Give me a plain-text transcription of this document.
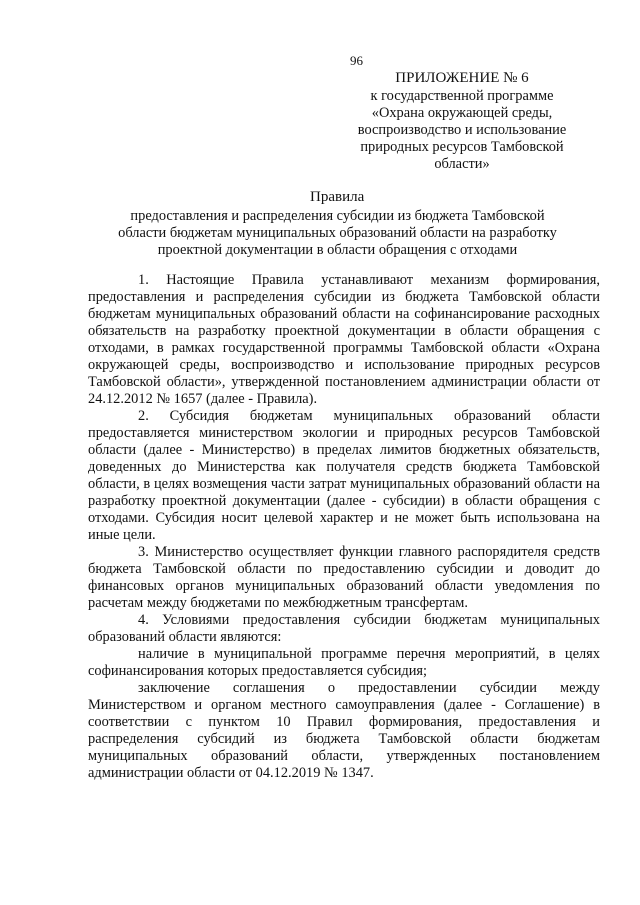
96
ПРИЛОЖЕНИЕ № 6
к государственной программе
«Охрана окружающей среды,
воспроизводство и использование
природных ресурсов Тамбовской
области»
Правила
предоставления и распределения субсидии из бюджета Тамбовской
области бюджетам муниципальных образований области на разработку
проектной документации в области обращения с отходами

1. Настоящие Правила устанавливают механизм формирования, предоставления и распределения субсидии из бюджета Тамбовской области бюджетам муниципальных образований области на софинансирование расходных обязательств на разработку проектной документации в области обращения с отходами, в рамках государственной программы Тамбовской области «Охрана окружающей среды, воспроизводство и использование природных ресурсов Тамбовской области», утвержденной постановлением администрации области от 24.12.2012 № 1657 (далее - Правила).

2. Субсидия бюджетам муниципальных образований области предоставляется министерством экологии и природных ресурсов Тамбовской области (далее - Министерство) в пределах лимитов бюджетных обязательств, доведенных до Министерства как получателя средств бюджета Тамбовской области, в целях возмещения части затрат муниципальных образований области на разработку проектной документации (далее - субсидии) в области обращения с отходами. Субсидия носит целевой характер и не может быть использована на иные цели.

3. Министерство осуществляет функции главного распорядителя средств бюджета Тамбовской области по предоставлению субсидии и доводит до финансовых органов муниципальных образований области уведомления по расчетам между бюджетами по межбюджетным трансфертам.

4. Условиями предоставления субсидии бюджетам муниципальных образований области являются:

наличие в муниципальной программе перечня мероприятий, в целях софинансирования которых предоставляется субсидия;

заключение соглашения о предоставлении субсидии между Министерством и органом местного самоуправления (далее - Соглашение) в соответствии с пунктом 10 Правил формирования, предоставления и распределения субсидий из бюджета Тамбовской области бюджетам муниципальных образований области, утвержденных постановлением администрации области от 04.12.2019 № 1347.
